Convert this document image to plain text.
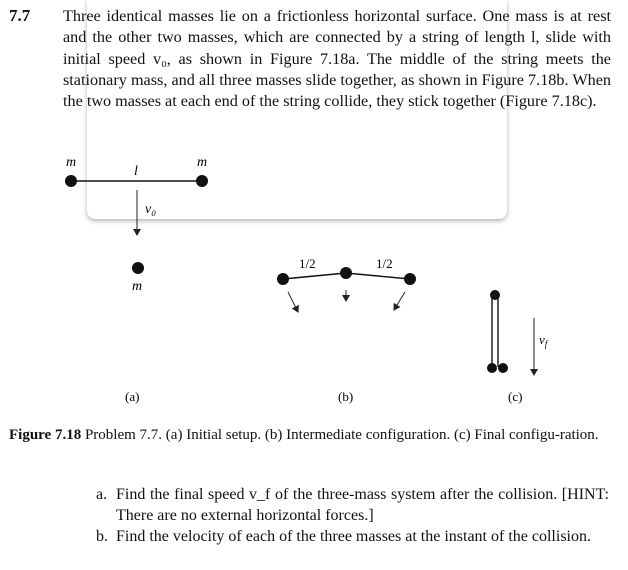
7.7 Three identical masses lie on a frictionless horizontal surface. One mass is at rest and the other two masses, which are connected by a string of length l, slide with initial speed v₀, as shown in Figure 7.18a. The middle of the string meets the stationary mass, and all three masses slide together, as shown in Figure 7.18b. When the two masses at each end of the string collide, they stick together (Figure 7.18c).
m
l
m
v₀
m
1/2	1/2
$v_f$
(a)	(b)	(c)
Figure 7.18 Problem 7.7. (a) Initial setup. (b) Intermediate configuration. (c) Final configu-ration.
a. Find the final speed v_f of the three-mass system after the collision. [HINT: There are no external horizontal forces.]
b. Find the velocity of each of the three masses at the instant of the collision.
